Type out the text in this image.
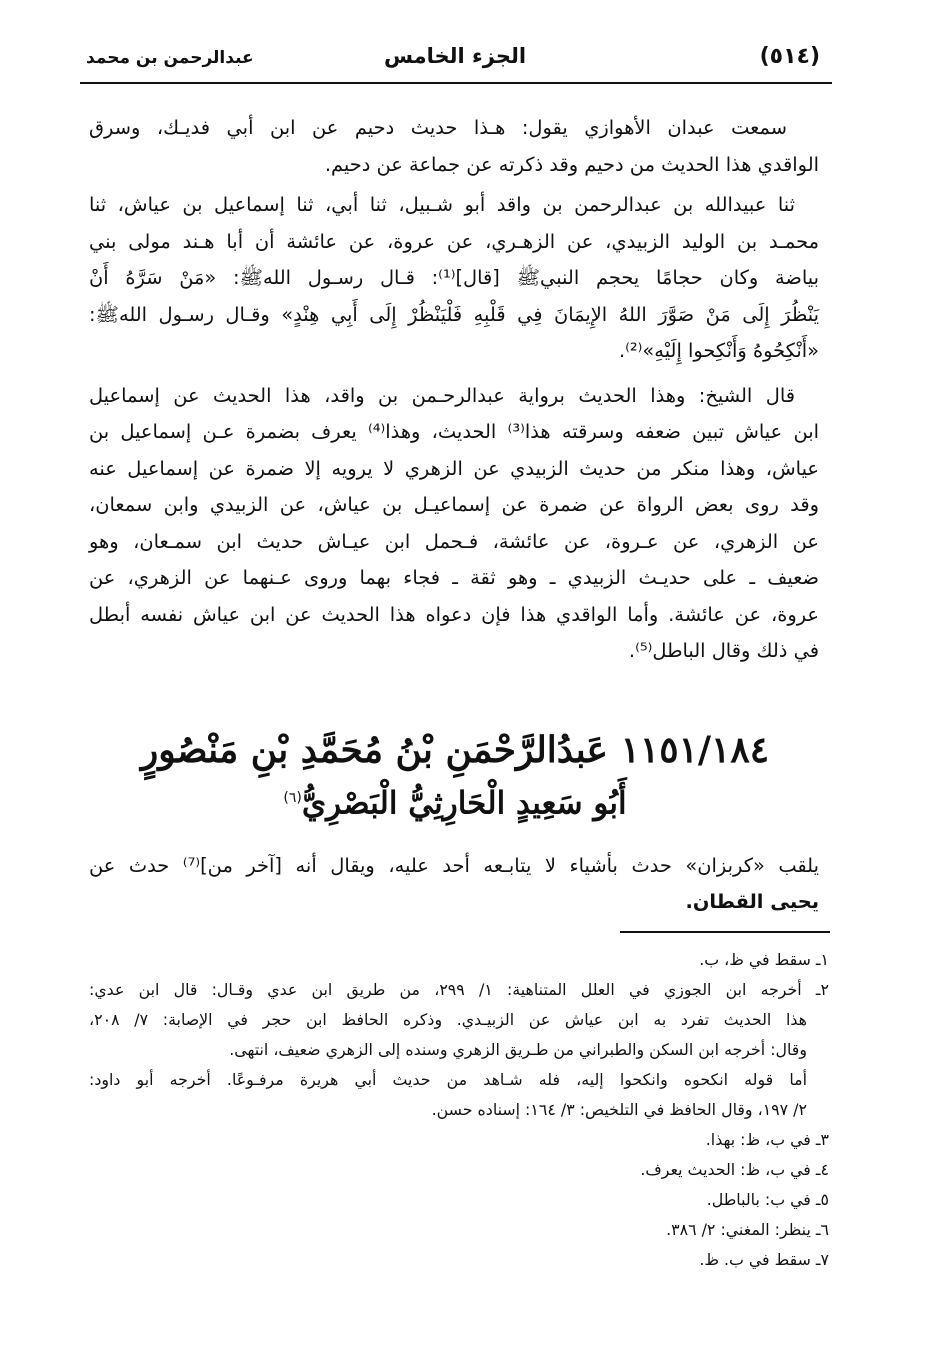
(٥١٤)
الجزء الخامس
عبدالرحمن بن محمد
سمعت عبدان الأهوازي يقول: هـذا حديث دحيم عن ابن أبي فديـك، وسرق
الواقدي هذا الحديث من دحيم وقد ذكرته عن جماعة عن دحيم.
ثنا عبيدالله بن عبدالرحمن بن واقد أبو شـبيل، ثنا أبي، ثنا إسماعيل بن عياش، ثنا
محمـد بن الوليد الزبيدي، عن الزهـري، عن عروة، عن عائشة أن أبا هـند مولى بني
بياضة وكان حجامًا يحجم النبيﷺ [قال]⁽¹⁾: قـال رسـول اللهﷺ: «مَنْ سَرَّهُ أَنْ
يَنْظُرَ إِلَى مَنْ صَوَّرَ اللهُ الإِيمَانَ فِي قَلْبِهِ فَلْيَنْظُرْ إِلَى أَبِي هِنْدٍ» وقـال رسـول اللهﷺ:
«أَنْكِحُوهُ وَأَنْكِحوا إِلَيْهِ»⁽²⁾.
قال الشيخ: وهذا الحديث برواية عبدالرحـمن بن واقد، هذا الحديث عن إسماعيل
ابن عياش تبين ضعفه وسرقته هذا⁽³⁾ الحديث، وهذا⁽⁴⁾ يعرف بضمرة عـن إسماعيل بن
عياش، وهذا منكر من حديث الزبيدي عن الزهري لا يرويه إلا ضمرة عن إسماعيل عنه
وقد روى بعض الرواة عن ضمرة عن إسماعيـل بن عياش، عن الزبيدي وابن سمعان،
عن الزهري، عن عـروة، عن عائشة، فـحمل ابن عيـاش حديث ابن سمـعان، وهو
ضعيف ـ على حديـث الزبيدي ـ وهو ثقة ـ فجاء بهما وروى عـنهما عن الزهري، عن
عروة، عن عائشة. وأما الواقدي هذا فإن دعواه هذا الحديث عن ابن عياش نفسه أبطل
في ذلك وقال الباطل⁽⁵⁾.
١١٥١/١٨٤ عَبدُالرَّحْمَنِ بْنُ مُحَمَّدِ بْنِ مَنْصُورٍ
أَبُو سَعِيدٍ الْحَارِثِيُّ الْبَصْرِيُّ$^{(٦)}$
يلقب «كربزان» حدث بأشياء لا يتابـعه أحد عليه، ويقال أنه [آخر من]⁽⁷⁾ حدث عن
يحيى القطان.
١ـ سقط في ظ، ب.
٢ـ أخرجه ابن الجوزي في العلل المتناهية: ١/ ٢٩٩، من طريق ابن عدي وقـال: قال ابن عدي:
هذا الحديث تفرد به ابن عياش عن الزبيـدي. وذكره الحافظ ابن حجر في الإصابة: ٧/ ٢٠٨،
وقال: أخرجه ابن السكن والطبراني من طـريق الزهري وسنده إلى الزهري ضعيف، انتهى.
أما قوله انكحوه وانكحوا إليه، فله شـاهد من حديث أبي هريرة مرفـوعًا. أخرجه أبو داود:
٢/ ١٩٧، وقال الحافظ في التلخيص: ٣/ ١٦٤: إسناده حسن.
٣ـ في ب، ظ: بهذا.
٤ـ في ب، ظ: الحديث يعرف.
٥ـ في ب: بالباطل.
٦ـ ينظر: المغني: ٢/ ٣٨٦.
٧ـ سقط في ب. ظ.
